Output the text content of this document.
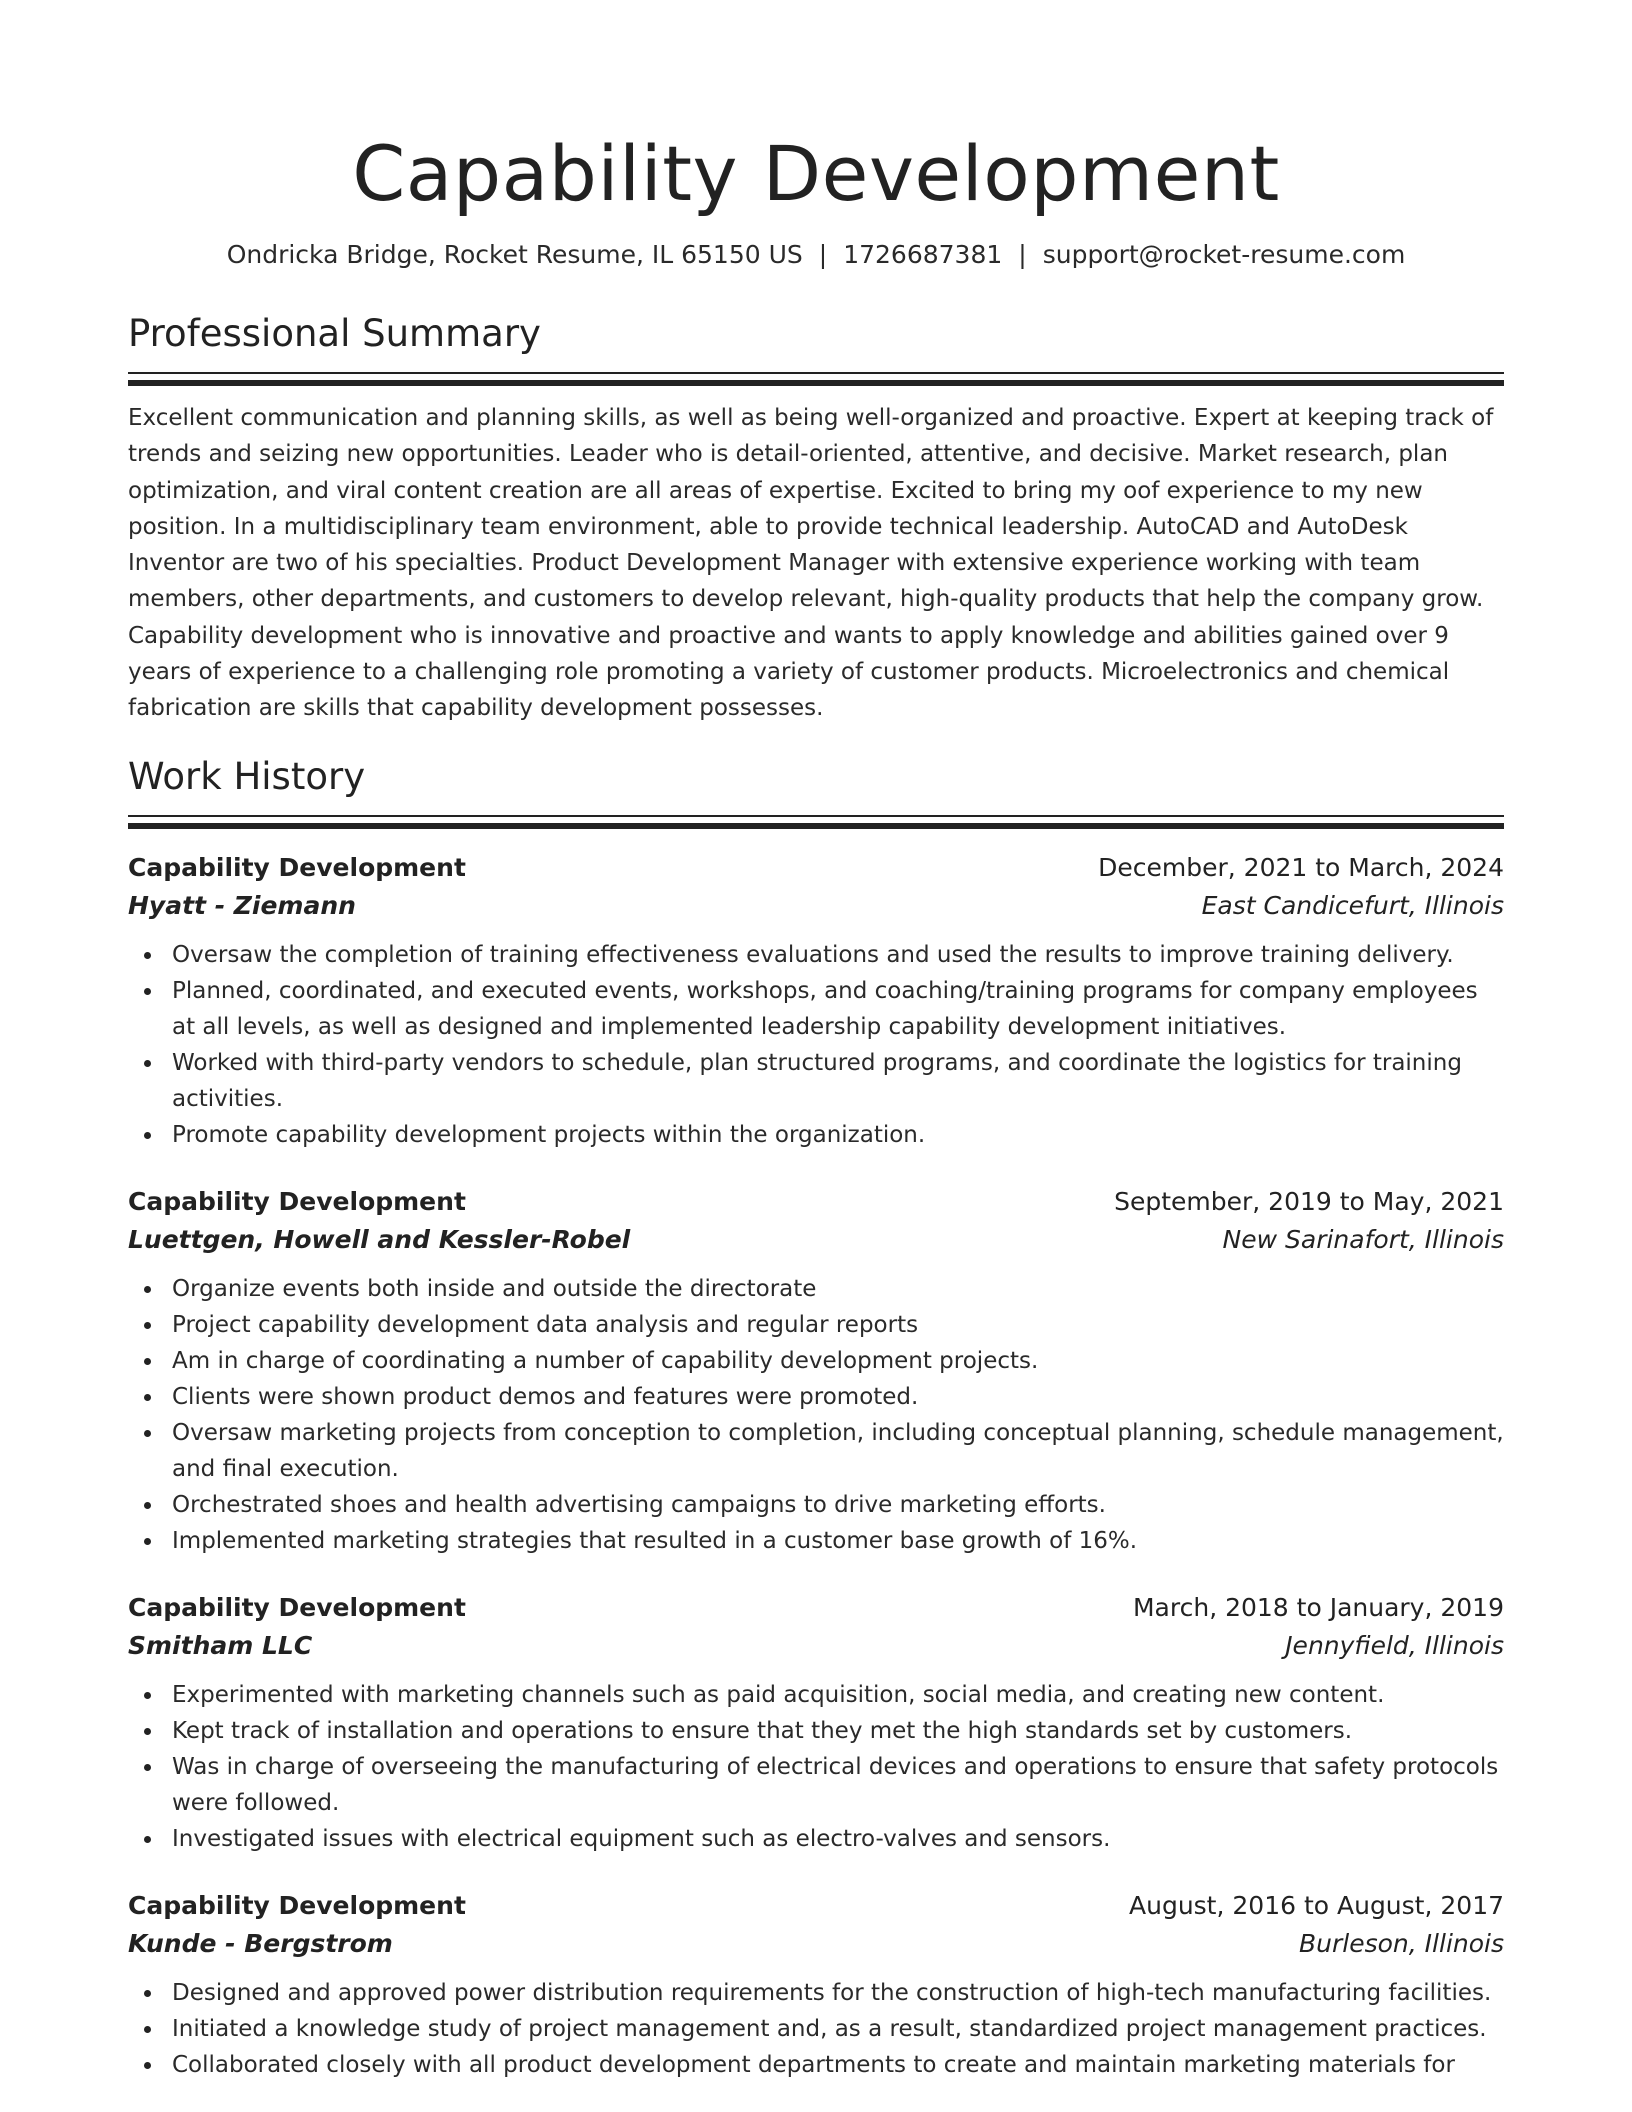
Capability Development
Ondricka Bridge, Rocket Resume, IL 65150 US | 1726687381 | support@rocket-resume.com
Professional Summary

Excellent communication and planning skills, as well as being well-organized and proactive. Expert at keeping track of trends and seizing new opportunities. Leader who is detail-oriented, attentive, and decisive. Market research, plan optimization, and viral content creation are all areas of expertise. Excited to bring my oof experience to my new position. In a multidisciplinary team environment, able to provide technical leadership. AutoCAD and AutoDesk Inventor are two of his specialties. Product Development Manager with extensive experience working with team members, other departments, and customers to develop relevant, high-quality products that help the company grow. Capability development who is innovative and proactive and wants to apply knowledge and abilities gained over 9 years of experience to a challenging role promoting a variety of customer products. Microelectronics and chemical fabrication are skills that capability development possesses.

Work History
Capability Development	December, 2021 to March, 2024
Hyatt - Ziemann	East Candicefurt, Illinois
Oversaw the completion of training effectiveness evaluations and used the results to improve training delivery.
Planned, coordinated, and executed events, workshops, and coaching/training programs for company employees at all levels, as well as designed and implemented leadership capability development initiatives.
Worked with third-party vendors to schedule, plan structured programs, and coordinate the logistics for training activities.
Promote capability development projects within the organization.
Capability Development	September, 2019 to May, 2021
Luettgen, Howell and Kessler-Robel	New Sarinafort, Illinois
Organize events both inside and outside the directorate
Project capability development data analysis and regular reports
Am in charge of coordinating a number of capability development projects.
Clients were shown product demos and features were promoted.
Oversaw marketing projects from conception to completion, including conceptual planning, schedule management, and final execution.
Orchestrated shoes and health advertising campaigns to drive marketing efforts.
Implemented marketing strategies that resulted in a customer base growth of 16%.
Capability Development	March, 2018 to January, 2019
Smitham LLC	Jennyfield, Illinois
Experimented with marketing channels such as paid acquisition, social media, and creating new content.
Kept track of installation and operations to ensure that they met the high standards set by customers.
Was in charge of overseeing the manufacturing of electrical devices and operations to ensure that safety protocols were followed.
Investigated issues with electrical equipment such as electro-valves and sensors.
Capability Development	August, 2016 to August, 2017
Kunde - Bergstrom	Burleson, Illinois
Designed and approved power distribution requirements for the construction of high-tech manufacturing facilities.
Initiated a knowledge study of project management and, as a result, standardized project management practices.
Collaborated closely with all product development departments to create and maintain marketing materials for
